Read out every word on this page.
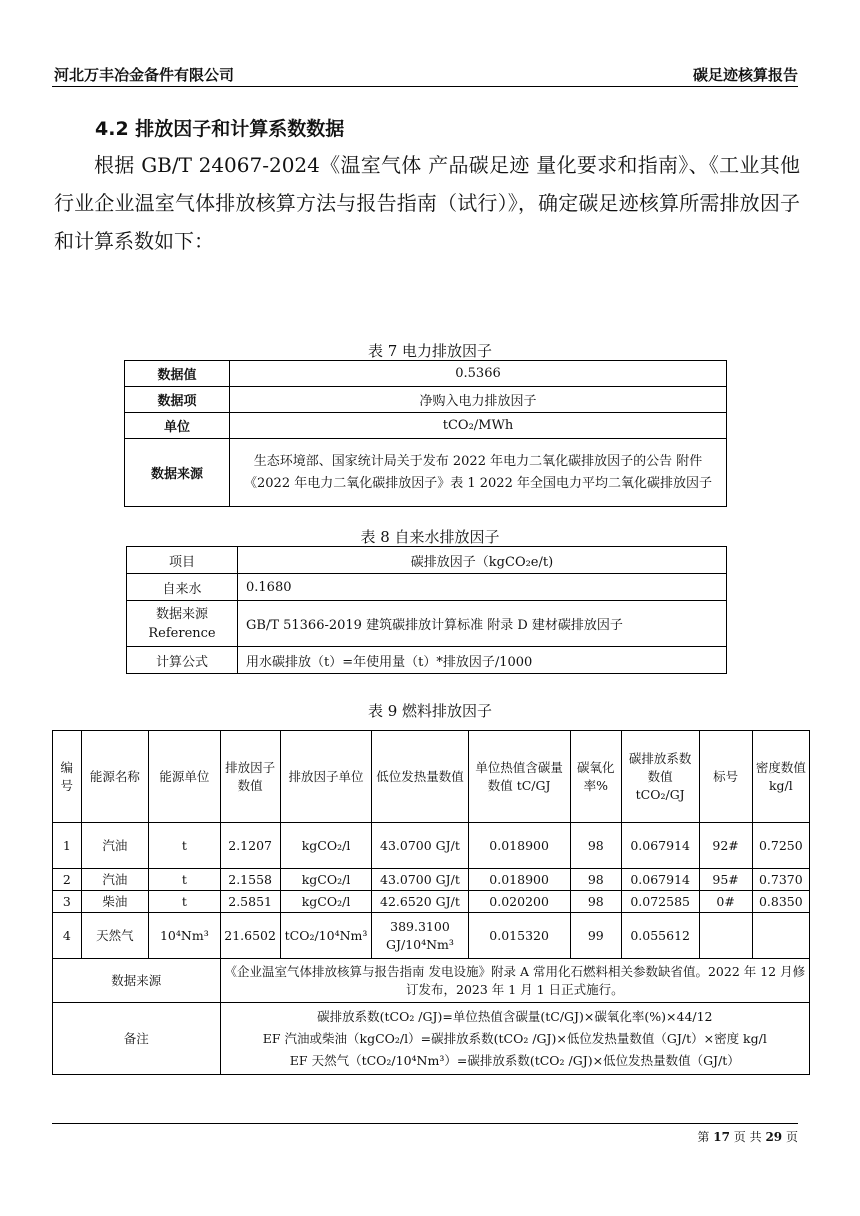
河北万丰冶金备件有限公司	碳足迹核算报告
4.2 排放因子和计算系数数据
根据 GB/T 24067-2024《温室气体 产品碳足迹 量化要求和指南》、《工业其他行业企业温室气体排放核算方法与报告指南（试行）》，确定碳足迹核算所需排放因子和计算系数如下：
表 7 电力排放因子
数据值	0.5366
数据项	净购入电力排放因子
单位	tCO₂/MWh
数据来源	生态环境部、国家统计局关于发布 2022 年电力二氧化碳排放因子的公告 附件《2022 年电力二氧化碳排放因子》表 1 2022 年全国电力平均二氧化碳排放因子
表 8 自来水排放因子
项目	碳排放因子（kgCO₂e/t)
自来水	0.1680

数据来源
Reference	GB/T 51366-2019 建筑碳排放计算标准 附录 D 建材碳排放因子
计算公式	用水碳排放（t）=年使用量（t）*排放因子/1000
表 9 燃料排放因子
编号	能源名称	能源单位	排放因子数值	排放因子单位	低位发热量数值	单位热值含碳量数值 tC/GJ	碳氧化率%	碳排放系数数值 tCO₂/GJ	标号	密度数值 kg/l
1	汽油	t	2.1207	kgCO₂/l	43.0700 GJ/t	0.018900	98	0.067914	92#	0.7250
2	汽油	t	2.1558	kgCO₂/l	43.0700 GJ/t	0.018900	98	0.067914	95#	0.7370
3	柴油	t	2.5851	kgCO₂/l	42.6520 GJ/t	0.020200	98	0.072585	0#	0.8350
4	天然气	10⁴Nm³	21.6502	tCO₂/10⁴Nm³	389.3100 GJ/10⁴Nm³	0.015320	99	0.055612		
数据来源			《企业温室气体排放核算与报告指南 发电设施》附录 A 常用化石燃料相关参数缺省值。2022 年 12 月修订发布，2023 年 1 月 1 日正式施行。							
备注			碳排放系数(tCO₂ /GJ)=单位热值含碳量(tC/GJ)×碳氧化率(%)×44/12
EF 汽油或柴油（kgCO₂/l）=碳排放系数(tCO₂ /GJ)×低位发热量数值（GJ/t）×密度 kg/l
EF 天然气（tCO₂/10⁴Nm³）=碳排放系数(tCO₂ /GJ)×低位发热量数值（GJ/t）							
第 17 页 共 29 页
